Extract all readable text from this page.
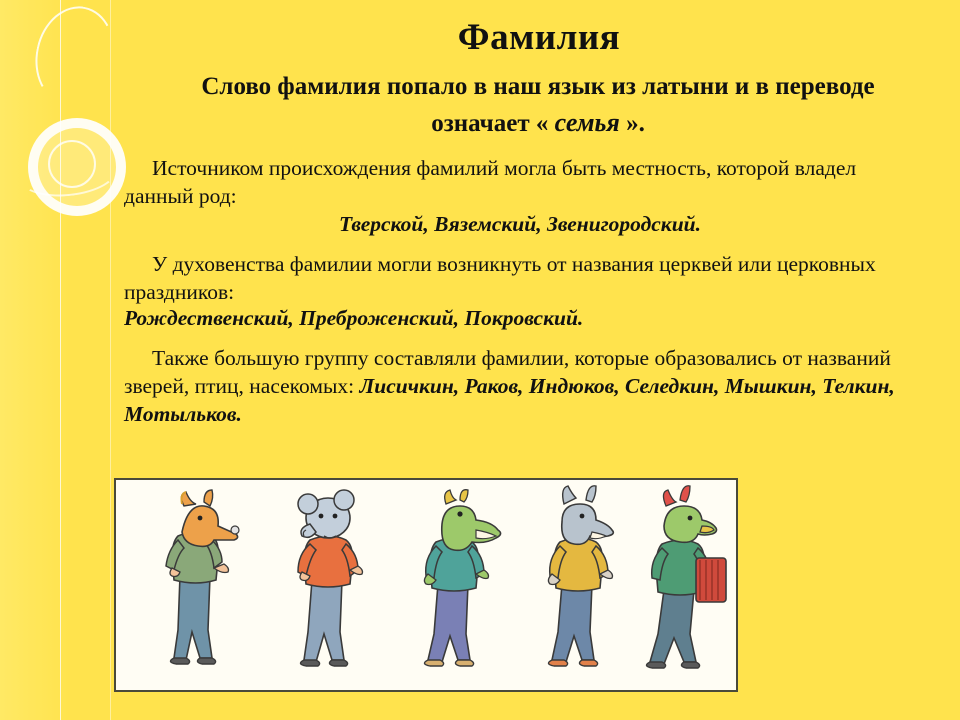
Фамилия

Слово фамилия попало в наш язык из латыни и в переводе означает « семья ».

Источником происхождения фамилий могла быть местность, которой владел данный род:

Тверской, Вяземский, Звенигородский.

У духовенства фамилии могли возникнуть от названия церквей или церковных праздников:

Рождественский, Преброженский, Покровский.

Также большую группу составляли фамилии, которые образовались от названий зверей, птиц, насекомых: Лисичкин, Раков, Индюков, Селедкин, Мышкин, Телкин, Мотыльков.
